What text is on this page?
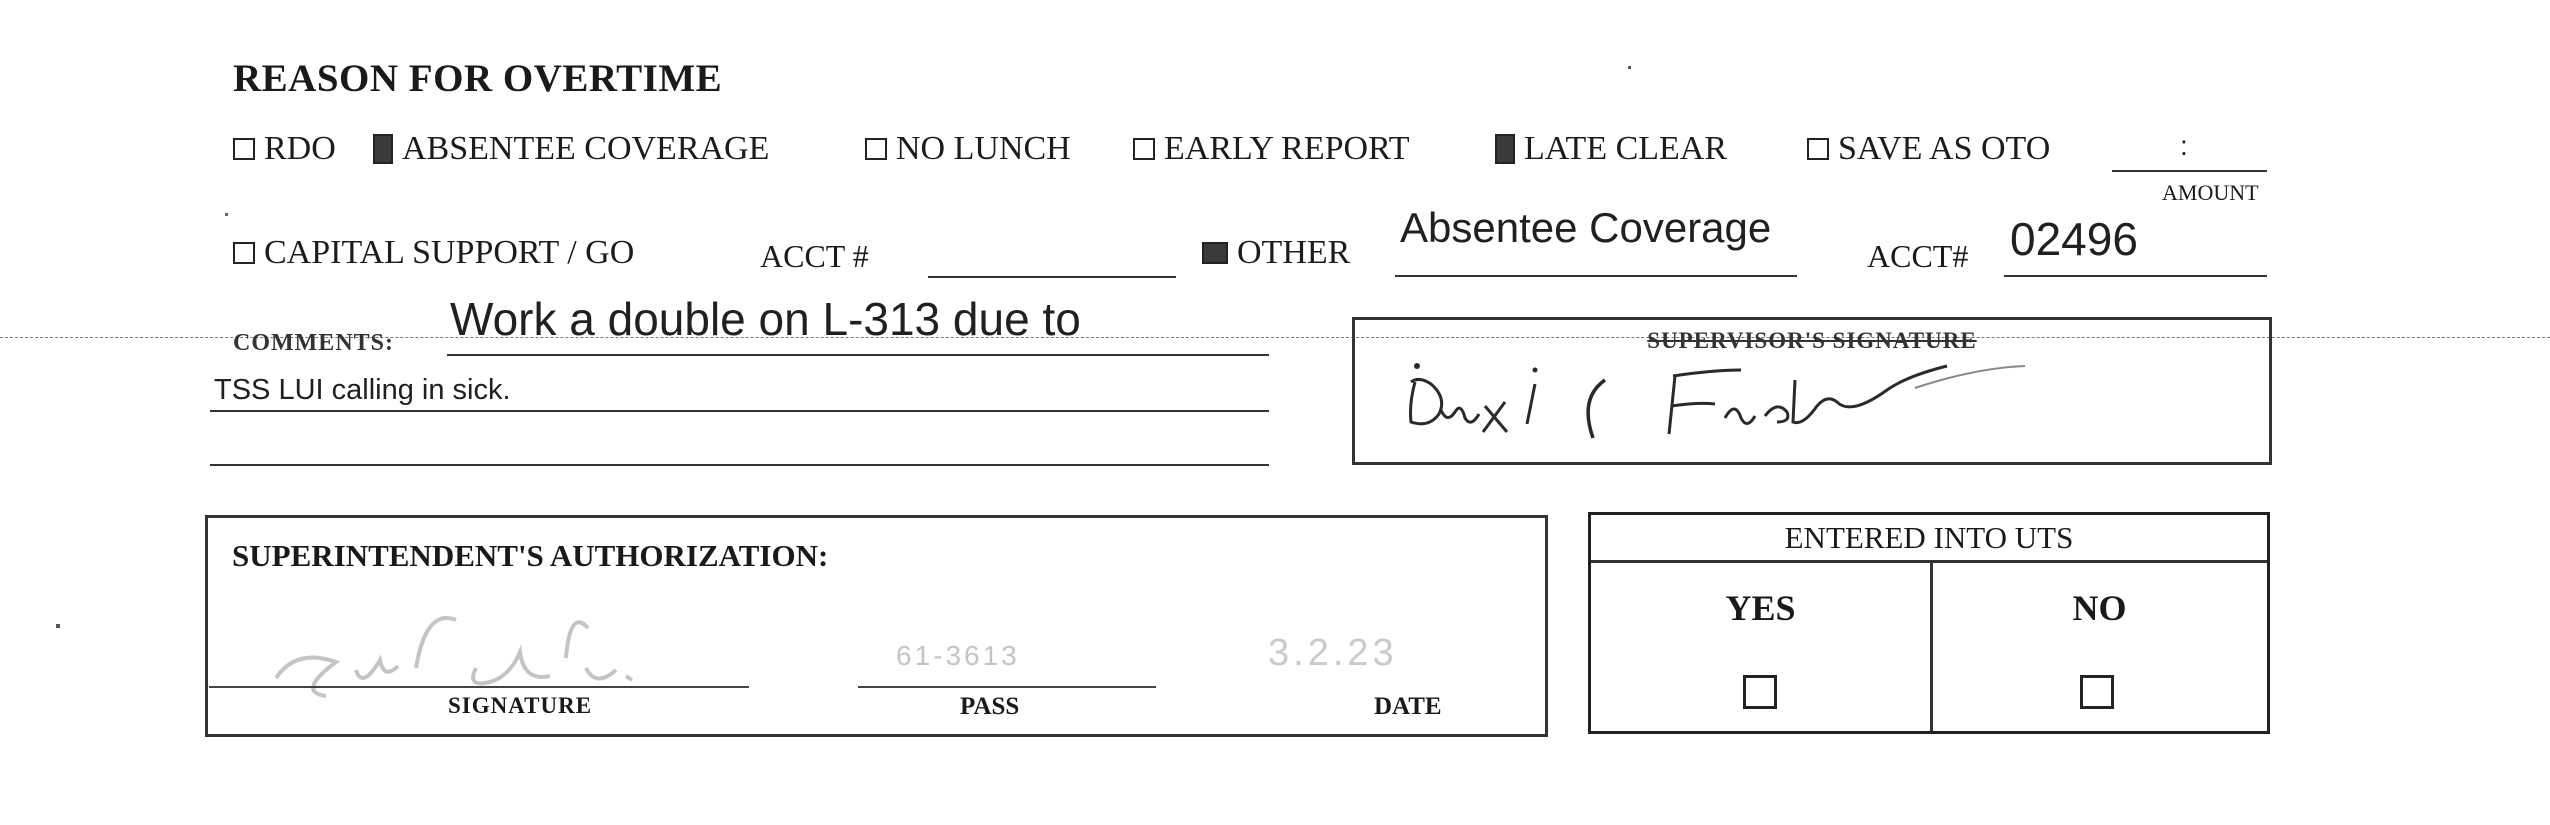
REASON FOR OVERTIME
RDO ABSENTEE COVERAGE	NO LUNCH	EARLY REPORT	LATE CLEAR	SAVE AS OTO	:
AMOUNT
CAPITAL SUPPORT / GO	ACCT #	OTHER
Absentee Coverage
ACCT# 02496
COMMENTS: Work a double on L-313 due to
TSS LUI calling in sick.
SUPERVISOR'S SIGNATURE
SUPERINTENDENT'S AUTHORIZATION:
SIGNATURE
61-3613
PASS
3.2.23
DATE
ENTERED INTO UTS
YES	NO
